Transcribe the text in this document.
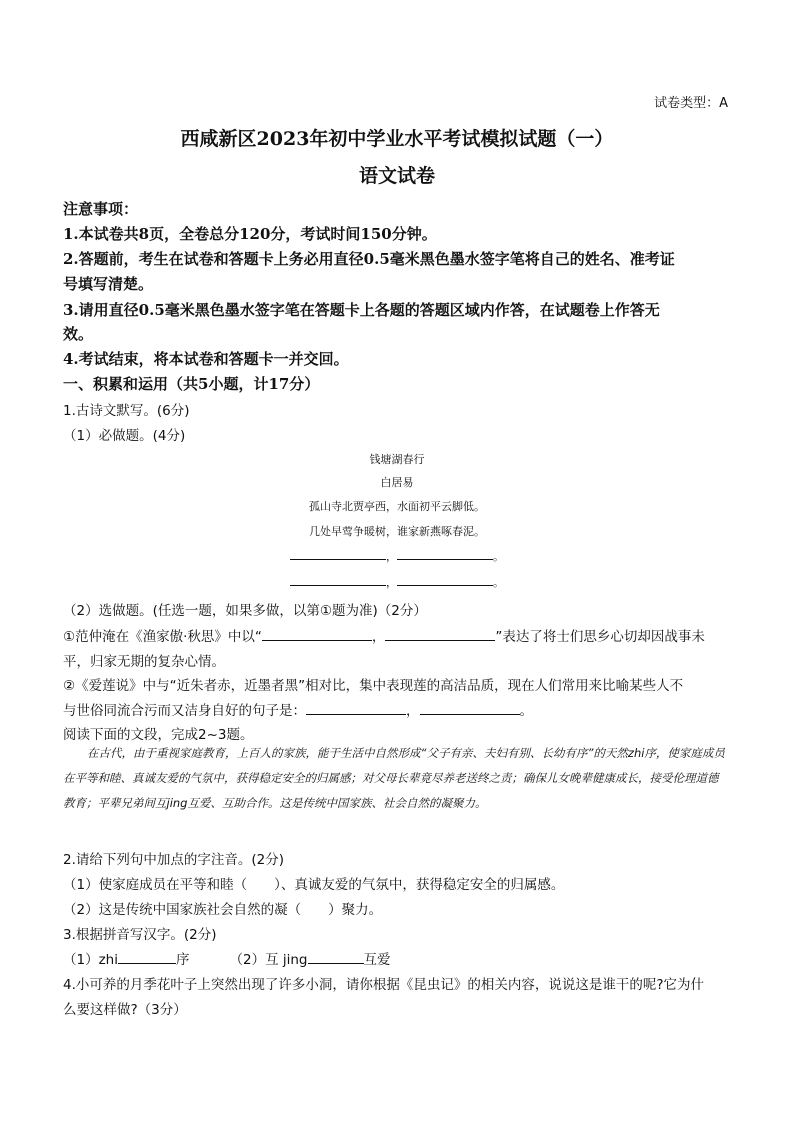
试卷类型：A
西咸新区2023年初中学业水平考试模拟试题（一）
语文试卷
注意事项：
1.本试卷共8页，全卷总分120分，考试时间150分钟。
2.答题前，考生在试卷和答题卡上务必用直径0.5毫米黑色墨水签字笔将自己的姓名、准考证
号填写清楚。
3.请用直径0.5毫米黑色墨水签字笔在答题卡上各题的答题区域内作答，在试题卷上作答无
效。
4.考试结束，将本试卷和答题卡一并交回。
一、积累和运用（共5小题，计17分）
1.古诗文默写。(6分)
（1）必做题。(4分)
钱塘湖春行
白居易
孤山寺北贾亭西，水面初平云脚低。
几处早莺争暖树，谁家新燕啄春泥。
，	。
，	。
（2）选做题。(任选一题，如果多做，以第①题为准)（2分）
①范仲淹在《渔家傲·秋思》中以“	，	”表达了将士们思乡心切却因战事未
平，归家无期的复杂心情。
②《爱莲说》中与“近朱者赤，近墨者黑”相对比，集中表现莲的高洁品质，现在人们常用来比喻某些人不
与世俗同流合污而又洁身自好的句子是：	，	。
阅读下面的文段，完成2~3题。
在古代，由于重视家庭教育，上百人的家族，能于生活中自然形成“父子有亲、夫妇有别、长幼有序”的天然zhi序，使家庭成员在平等和睦、真诚友爱的气氛中，获得稳定安全的归属感；对父母长辈竟尽养老送终之责；确保儿女晚辈健康成长，接受伦理道德教育；平辈兄弟间互jing互爱、互助合作。这是传统中国家族、社会自然的凝聚力。
2.请给下列句中加点的字注音。(2分)
（1）使家庭成员在平等和睦（　　）、真诚友爱的气氛中，获得稳定安全的归属感。
（2）这是传统中国家族社会自然的凝（　　）聚力。
3.根据拼音写汉字。(2分)
（1）zhi	序	（2）互 jing	互爱
4.小可养的月季花叶子上突然出现了许多小洞，请你根据《昆虫记》的相关内容，说说这是谁干的呢?它为什
么要这样做?（3分）
